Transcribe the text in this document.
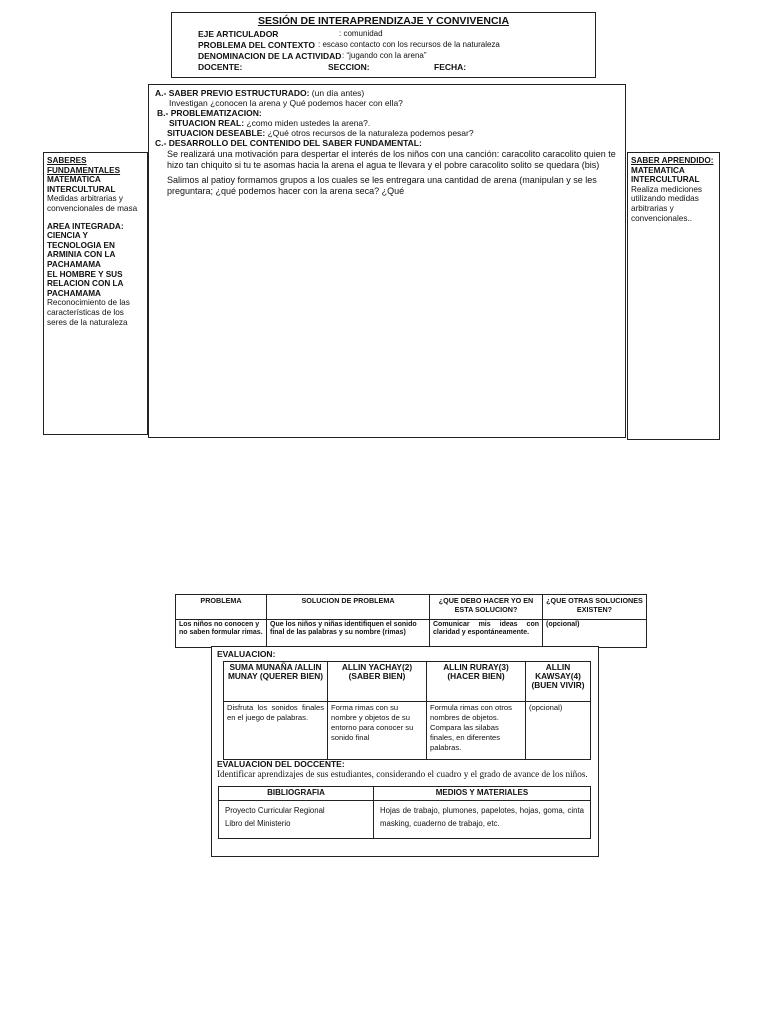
SESIÓN DE INTERAPRENDIZAJE Y CONVIVENCIA
EJE ARTICULADOR	: comunidad
PROBLEMA DEL CONTEXTO : escaso contacto con los recursos de la naturaleza
DENOMINACION DE LA ACTIVIDAD : “jugando con la arena”
DOCENTE:	SECCION:	FECHA:

SABERES FUNDAMENTALES

MATEMATICA INTERCULTURAL

Medidas arbitrarias y convencionales de masa

AREA INTEGRADA:

CIENCIA Y TECNOLOGIA EN ARMINIA CON LA PACHAMAMA

EL HOMBRE Y SUS RELACION CON LA PACHAMAMA

Reconocimiento de las características de los seres de la naturaleza

A.- SABER PREVIO ESTRUCTURADO: (un día antes)
Investigan ¿conocen la arena y Qué podemos hacer con ella?
B.- PROBLEMATIZACION:
SITUACION REAL: ¿como miden ustedes la arena?.
SITUACION DESEABLE: ¿Qué otros recursos de la naturaleza podemos pesar?
C.- DESARROLLO DEL CONTENIDO DEL SABER FUNDAMENTAL:
Se realizará una motivación para despertar el interés de los niños con una canción: caracolito caracolito quien te hizo tan chiquito si tu te asomas hacia la arena el agua te llevara y el pobre caracolito solito se quedara (bis)
Salimos al patioy formamos grupos a los cuales se les entregara una cantidad de arena (manipulan y se les preguntara; ¿qué podemos hacer con la arena seca? ¿Qué

SABER APRENDIDO:

MATEMATICA INTERCULTURAL

Realiza mediciones utilizando medidas arbitrarias y convencionales..

PROBLEMA	SOLUCION DE PROBLEMA	¿QUE DEBO HACER YO EN ESTA SOLUCION?	¿QUE OTRAS SOLUCIONES EXISTEN?
Los niños no conocen y no saben formular rimas.	Que los niños y niñas identifiquen el sonido final de las palabras y su nombre (rimas)	Comunicar mis ideas con claridad y espontáneamente.	(opcional)
EVALUACION:
SUMA MUNAÑA /ALLIN MUNAY (QUERER BIEN)	ALLIN YACHAY(2) (SABER BIEN)	ALLIN RURAY(3) (HACER BIEN)	ALLIN KAWSAY(4) (BUEN VIVIR)
Disfruta los sonidos finales en el juego de palabras.	Forma rimas con su nombre y objetos de su entorno para conocer su sonido final	Formula rimas con otros nombres de objetos. Compara las silabas finales, en diferentes palabras.	(opcional)
EVALUACION DEL DOCCENTE:
Identificar aprendizajes de sus estudiantes, considerando el cuadro y el grado de avance de los niños.
BIBLIOGRAFIA	MEDIOS Y MATERIALES

Proyecto Curricular Regional
Libro del Ministerio	Hojas de trabajo, plumones, papelotes, hojas, goma, cinta masking, cuaderno de trabajo, etc.
